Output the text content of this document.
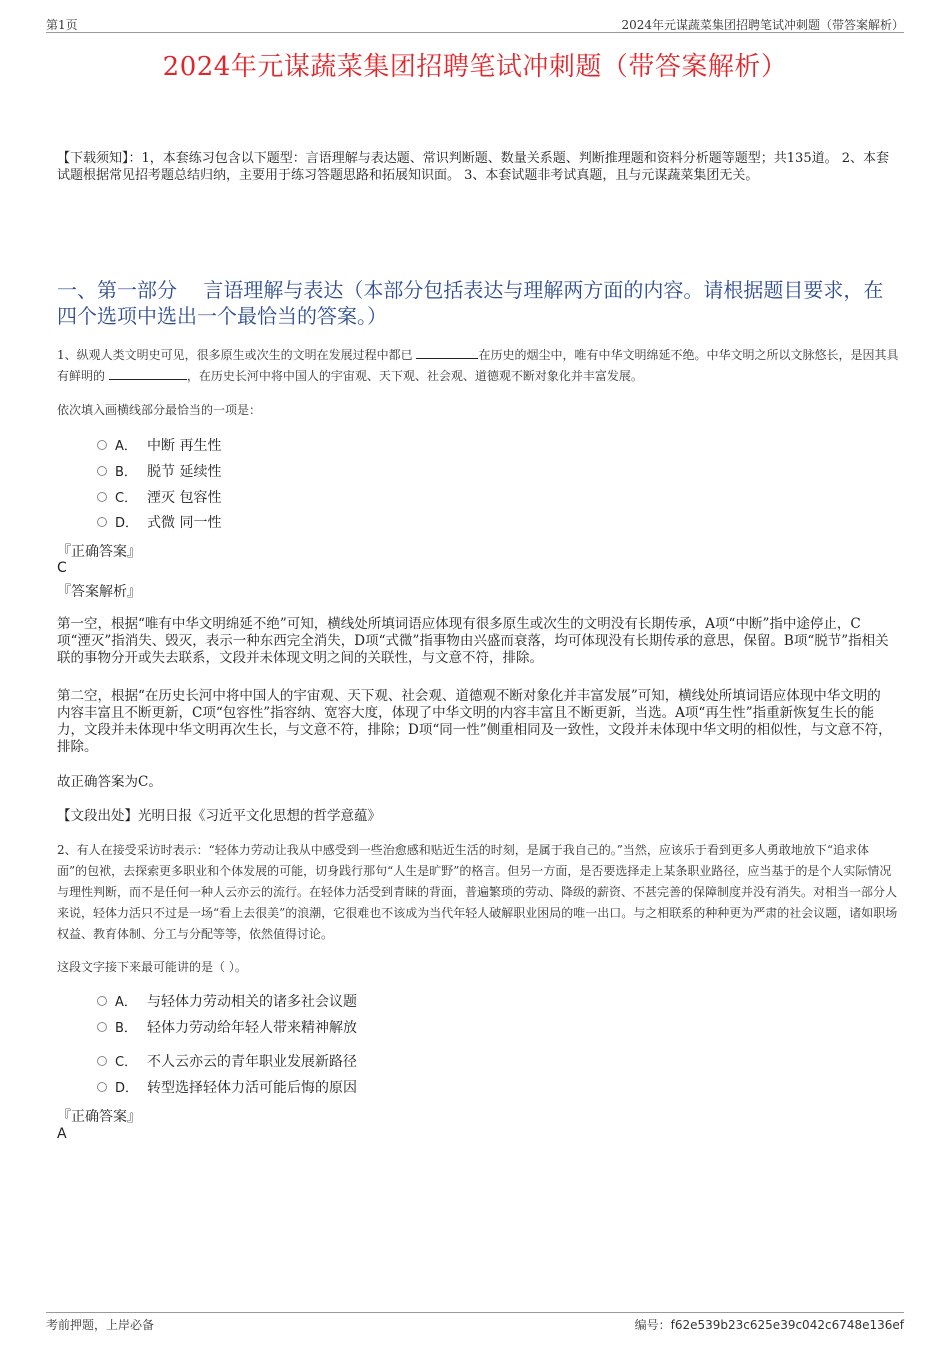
第1页	2024年元谋蔬菜集团招聘笔试冲刺题（带答案解析）
2024年元谋蔬菜集团招聘笔试冲刺题（带答案解析）
【下载须知】：1，本套练习包含以下题型：言语理解与表达题、常识判断题、数量关系题、判断推理题和资料分析题等题型；共135道。 2、本套试题根据常见招考题总结归纳，主要用于练习答题思路和拓展知识面。 3、本套试题非考试真题，且与元谋蔬菜集团无关。
一、第一部分　 言语理解与表达（本部分包括表达与理解两方面的内容。请根据题目要求，在四个选项中选出一个最恰当的答案。）
1、纵观人类文明史可见，很多原生或次生的文明在发展过程中都已	在历史的烟尘中，唯有中华文明绵延不绝。中华文明之所以文脉悠长，是因其具有鲜明的	，在历史长河中将中国人的宇宙观、天下观、社会观、道德观不断对象化并丰富发展。
依次填入画横线部分最恰当的一项是：
A． 中断 再生性
B． 脱节 延续性
C． 湮灭 包容性
D． 式微 同一性
『正确答案』
C
『答案解析』
第一空，根据“唯有中华文明绵延不绝”可知，横线处所填词语应体现有很多原生或次生的文明没有长期传承，A项“中断”指中途停止，C项“湮灭”指消失、毁灭，表示一种东西完全消失，D项“式微”指事物由兴盛而衰落，均可体现没有长期传承的意思，保留。B项“脱节”指相关联的事物分开或失去联系，文段并未体现文明之间的关联性，与文意不符，排除。
第二空，根据“在历史长河中将中国人的宇宙观、天下观、社会观、道德观不断对象化并丰富发展”可知，横线处所填词语应体现中华文明的内容丰富且不断更新，C项“包容性”指容纳、宽容大度，体现了中华文明的内容丰富且不断更新，当选。A项“再生性”指重新恢复生长的能力，文段并未体现中华文明再次生长，与文意不符，排除；D项“同一性”侧重相同及一致性，文段并未体现中华文明的相似性，与文意不符，排除。
故正确答案为C。
【文段出处】光明日报《习近平文化思想的哲学意蕴》
2、有人在接受采访时表示：“轻体力劳动让我从中感受到一些治愈感和贴近生活的时刻，是属于我自己的。”当然，应该乐于看到更多人勇敢地放下“追求体面”的包袱，去探索更多职业和个体发展的可能，切身践行那句“人生是旷野”的格言。但另一方面，是否要选择走上某条职业路径，应当基于的是个人实际情况与理性判断，而不是任何一种人云亦云的流行。在轻体力活受到青睐的背面，普遍繁琐的劳动、降级的薪资、不甚完善的保障制度并没有消失。对相当一部分人来说，轻体力活只不过是一场“看上去很美”的浪潮，它很难也不该成为当代年轻人破解职业困局的唯一出口。与之相联系的种种更为严肃的社会议题，诸如职场权益、教育体制、分工与分配等等，依然值得讨论。
这段文字接下来最可能讲的是（ ）。
A． 与轻体力劳动相关的诸多社会议题
B． 轻体力劳动给年轻人带来精神解放
C． 不人云亦云的青年职业发展新路径
D． 转型选择轻体力活可能后悔的原因
『正确答案』
A
考前押题，上岸必备	编号：f62e539b23c625e39c042c6748e136ef
